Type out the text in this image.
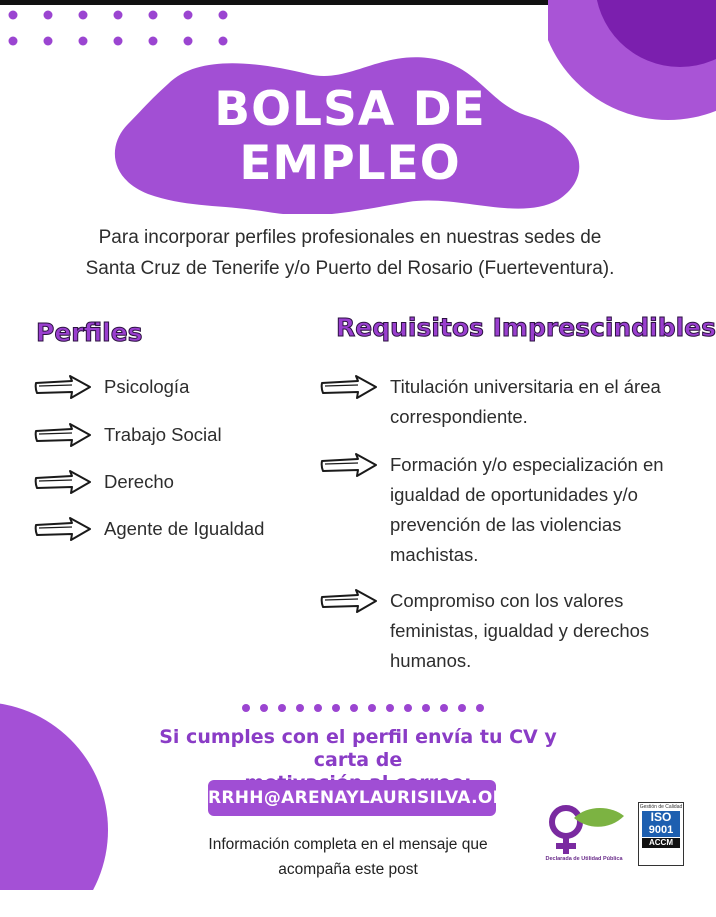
BOLSA DE
EMPLEO
Para incorporar perfiles profesionales en nuestras sedes de
Santa Cruz de Tenerife y/o Puerto del Rosario (Fuerteventura).
Perfiles	Requisitos Imprescindibles
Psicología
Trabajo Social
Derecho
Agente de Igualdad
Titulación universitaria en el área correspondiente.
Formación y/o especialización en igualdad de oportunidades y/o prevención de las violencias machistas.
Compromiso con los valores feministas, igualdad y derechos humanos.
Si cumples con el perfil envía tu CV y carta de
RRHH@ARENAYLAURISILVA.ORG
Información completa en el mensaje que
acompaña este post
Declarada de Utilidad Pública
Gestión de Calidad
ISO
9001
ACCM
